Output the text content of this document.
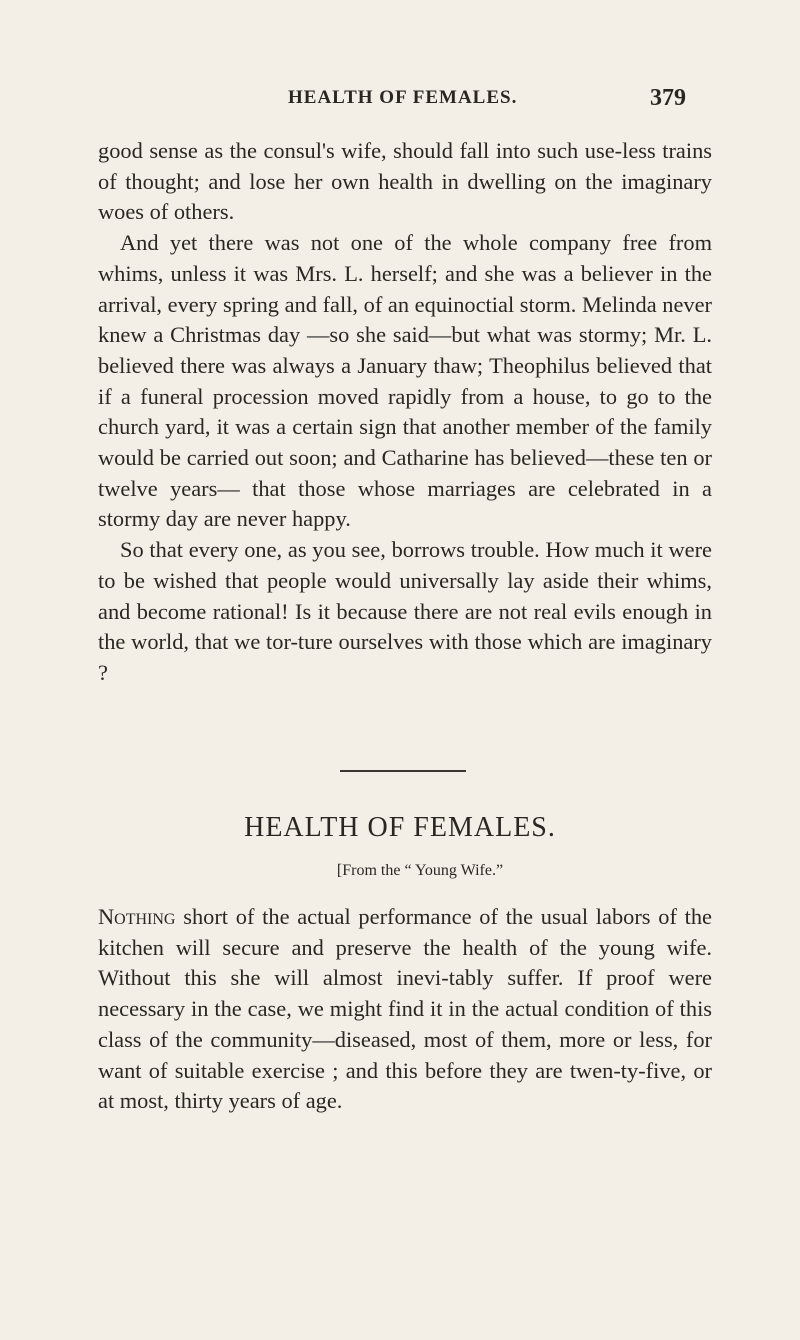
HEALTH OF FEMALES.	379

good sense as the consul's wife, should fall into such use-less trains of thought; and lose her own health in dwelling on the imaginary woes of others.

And yet there was not one of the whole company free from whims, unless it was Mrs. L. herself; and she was a believer in the arrival, every spring and fall, of an equinoctial storm. Melinda never knew a Christmas day —so she said—but what was stormy; Mr. L. believed there was always a January thaw; Theophilus believed that if a funeral procession moved rapidly from a house, to go to the church yard, it was a certain sign that another member of the family would be carried out soon; and Catharine has believed—these ten or twelve years— that those whose marriages are celebrated in a stormy day are never happy.

So that every one, as you see, borrows trouble. How much it were to be wished that people would universally lay aside their whims, and become rational! Is it because there are not real evils enough in the world, that we tor-ture ourselves with those which are imaginary ?

HEALTH OF FEMALES.
[From the “ Young Wife.”

Nothing short of the actual performance of the usual labors of the kitchen will secure and preserve the health of the young wife. Without this she will almost inevi-tably suffer. If proof were necessary in the case, we might find it in the actual condition of this class of the community—diseased, most of them, more or less, for want of suitable exercise ; and this before they are twen-ty-five, or at most, thirty years of age.
